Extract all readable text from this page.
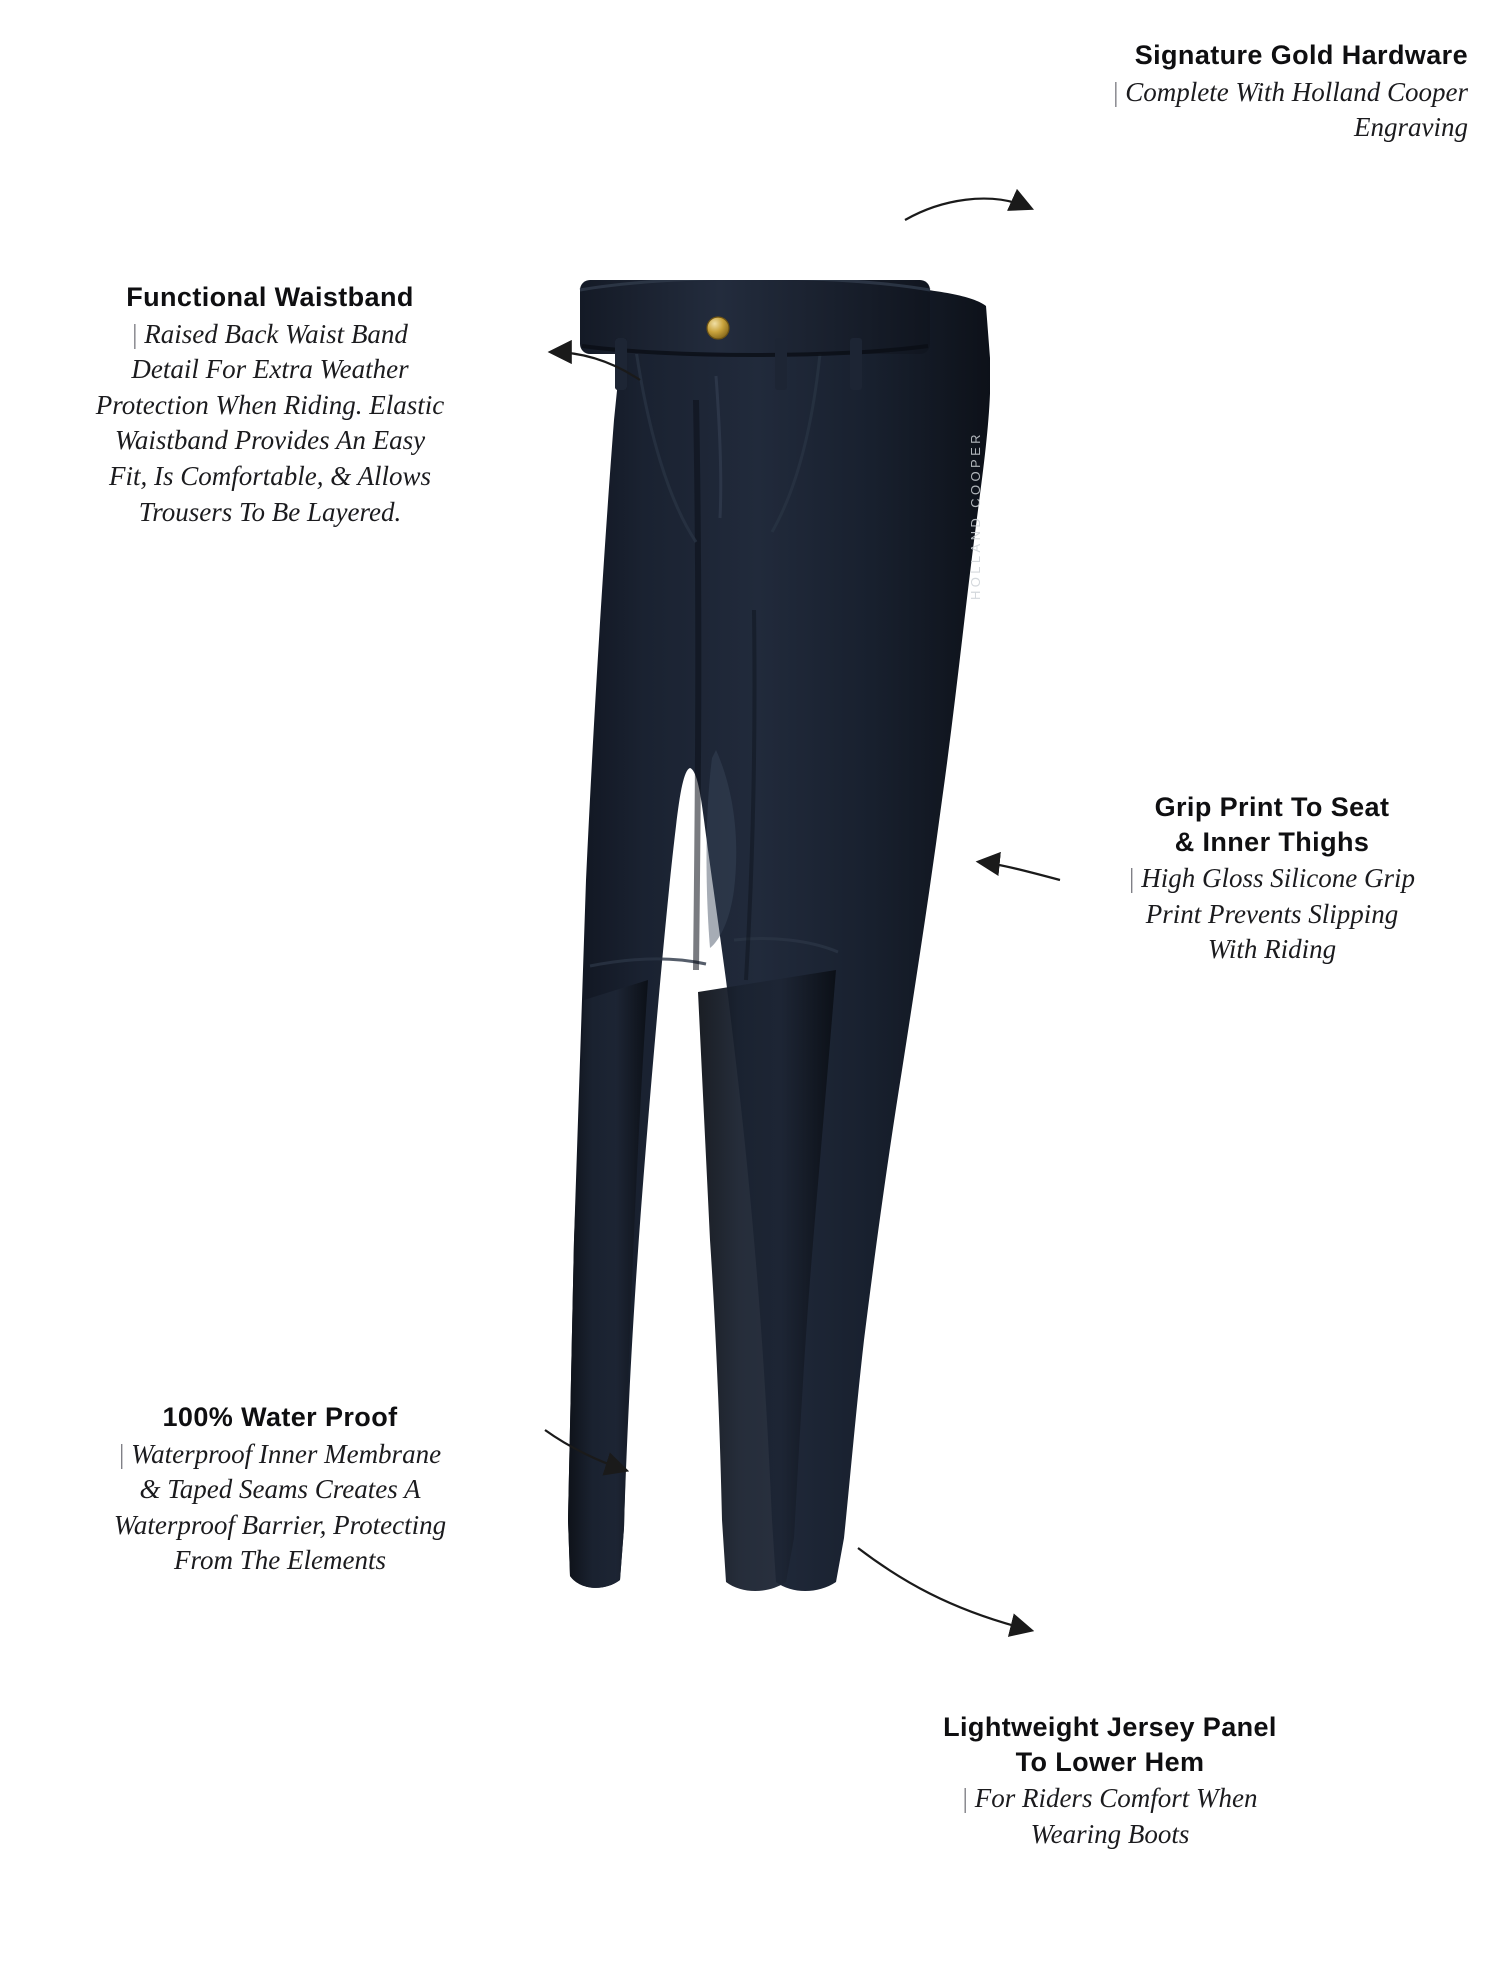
HOLLAND COOPER

Signature Gold Hardware

| Complete With Holland Cooper
Engraving

Functional Waistband

| Raised Back Waist Band
Detail For Extra Weather
Protection When Riding. Elastic
Waistband Provides An Easy
Fit, Is Comfortable, & Allows
Trousers To Be Layered.

Grip Print To Seat
& Inner Thighs

| High Gloss Silicone Grip
Print Prevents Slipping
With Riding

100% Water Proof

| Waterproof Inner Membrane
& Taped Seams Creates A
Waterproof Barrier, Protecting
From The Elements

Lightweight Jersey Panel
To Lower Hem

| For Riders Comfort When
Wearing Boots
